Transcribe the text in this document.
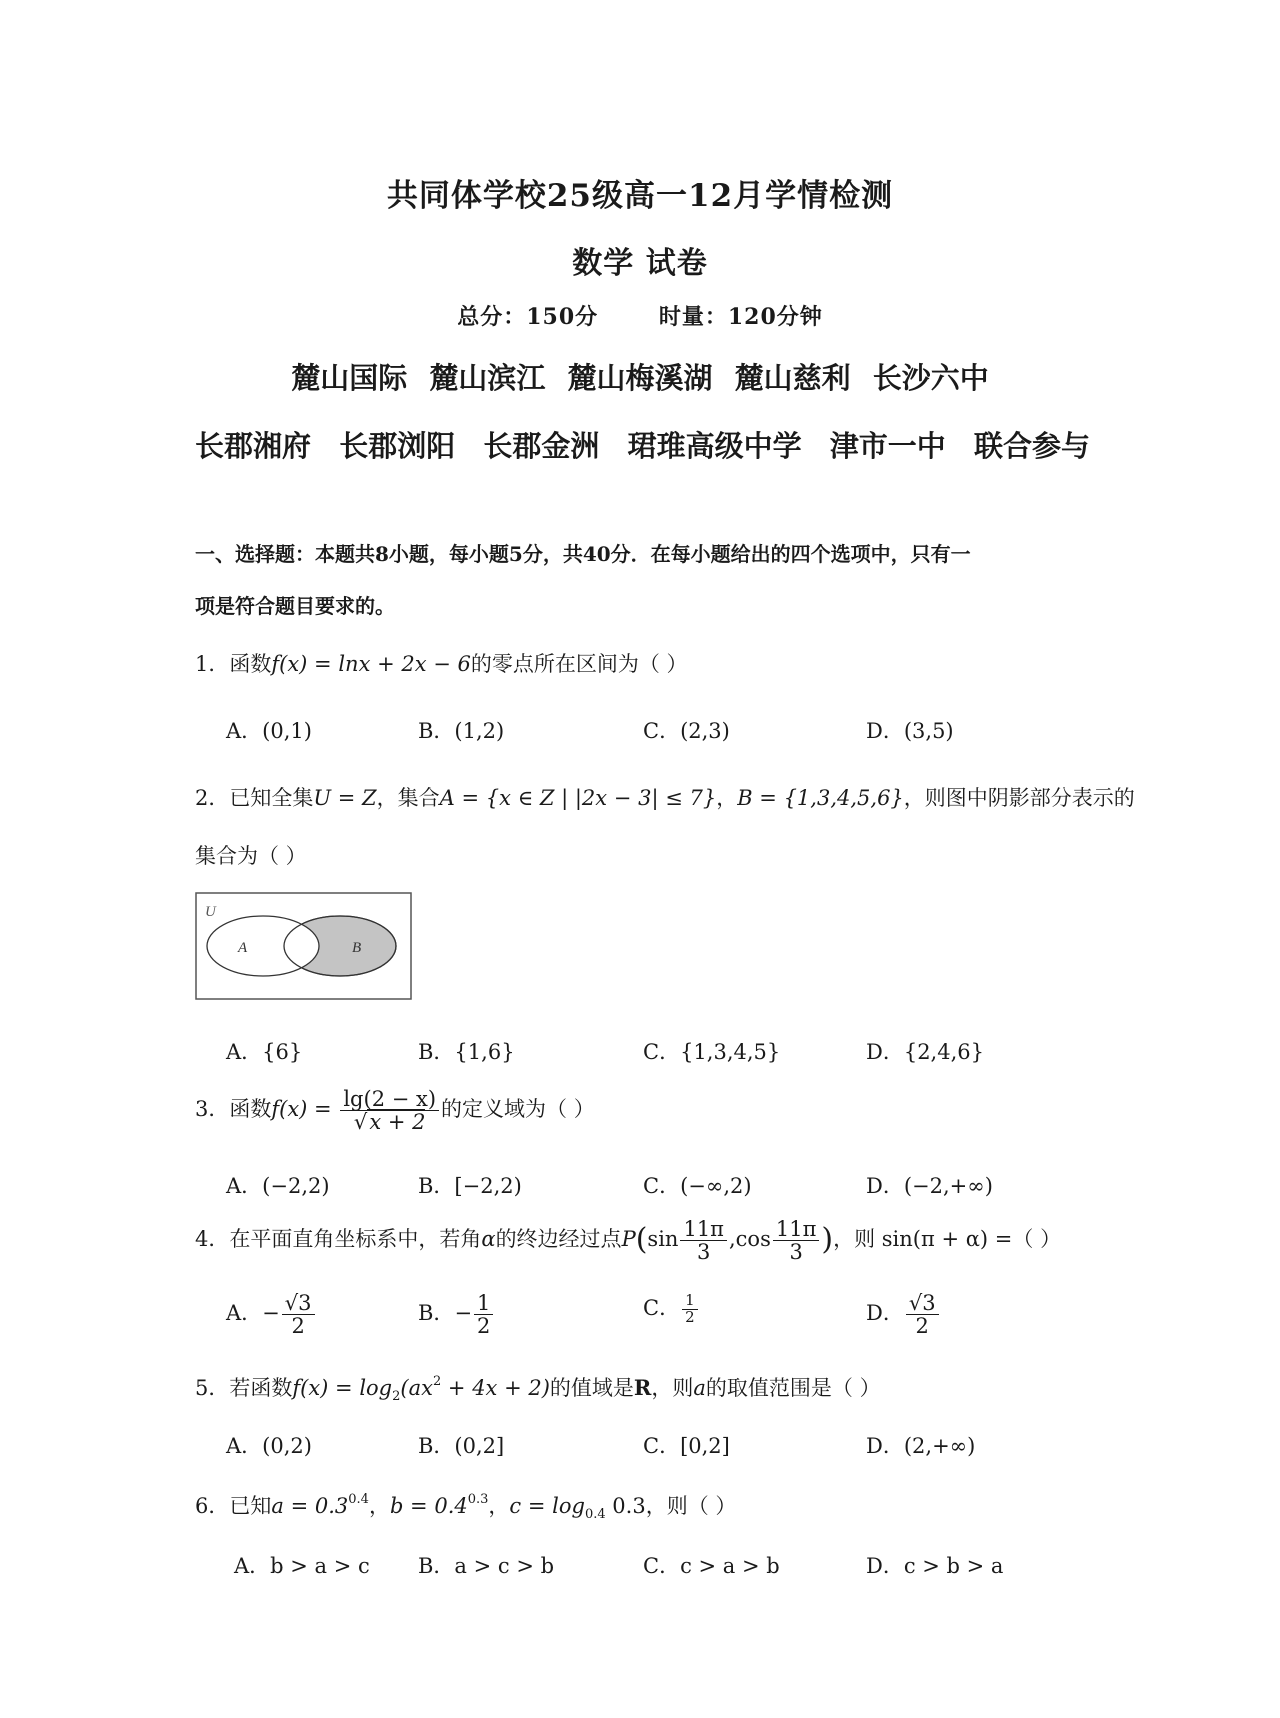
共同体学校25级高一12月学情检测
数学 试卷
总分：150分	时量：120分钟
麓山国际 麓山滨江 麓山梅溪湖 麓山慈利 长沙六中
长郡湘府 长郡浏阳 长郡金洲 珺琟高级中学 津市一中 联合参与
一、选择题：本题共8小题，每小题5分，共40分．在每小题给出的四个选项中，只有一
项是符合题目要求的。
1．函数f(x) = lnx + 2x − 6的零点所在区间为（ ）
A．(0,1)	B．(1,2)	C．(2,3)	D．(3,5)
2．已知全集U = Z，集合A = {x ∈ Z | |2x − 3| ≤ 7}，B = {1,3,4,5,6}，则图中阴影部分表示的
集合为（ ）
U
A	B
A．{6}	B．{1,6}	C．{1,3,4,5}	D．{2,4,6}
3．函数$f(x) = \frac{\lg(2 - x)}{√x + 2}$ 的定义域为（ ）
A．(−2,2)	B．[−2,2)	C．(−∞,2)	D．(−2,+∞)
4．在平面直角坐标系中，若角α的终边经过点$P(\sin \frac{11\pi}{3} ,\cos \frac{11\pi}{3}$ )，则 sin(π + α) =（ ）
A．− $\frac{√3}{2}$	B．− $\frac{1}{2}$	C． $\frac{1}{2}$	D． $\frac{√3}{2}$
5．若函数$f(x) = \log_2(ax^2 + 4x + 2)$的值域是R，则a的取值范围是（ ）
A．(0,2)	B．(0,2]	C．[0,2]	D．(2,+∞)
6．已知$a = 0.3^{0.4}$，$b = 0.4^{0.3}$，$c = \log_{0.4} 0.3$，则（ ）
A．b > a > c B．a > c > b	C．c > a > b	D．c > b > a
